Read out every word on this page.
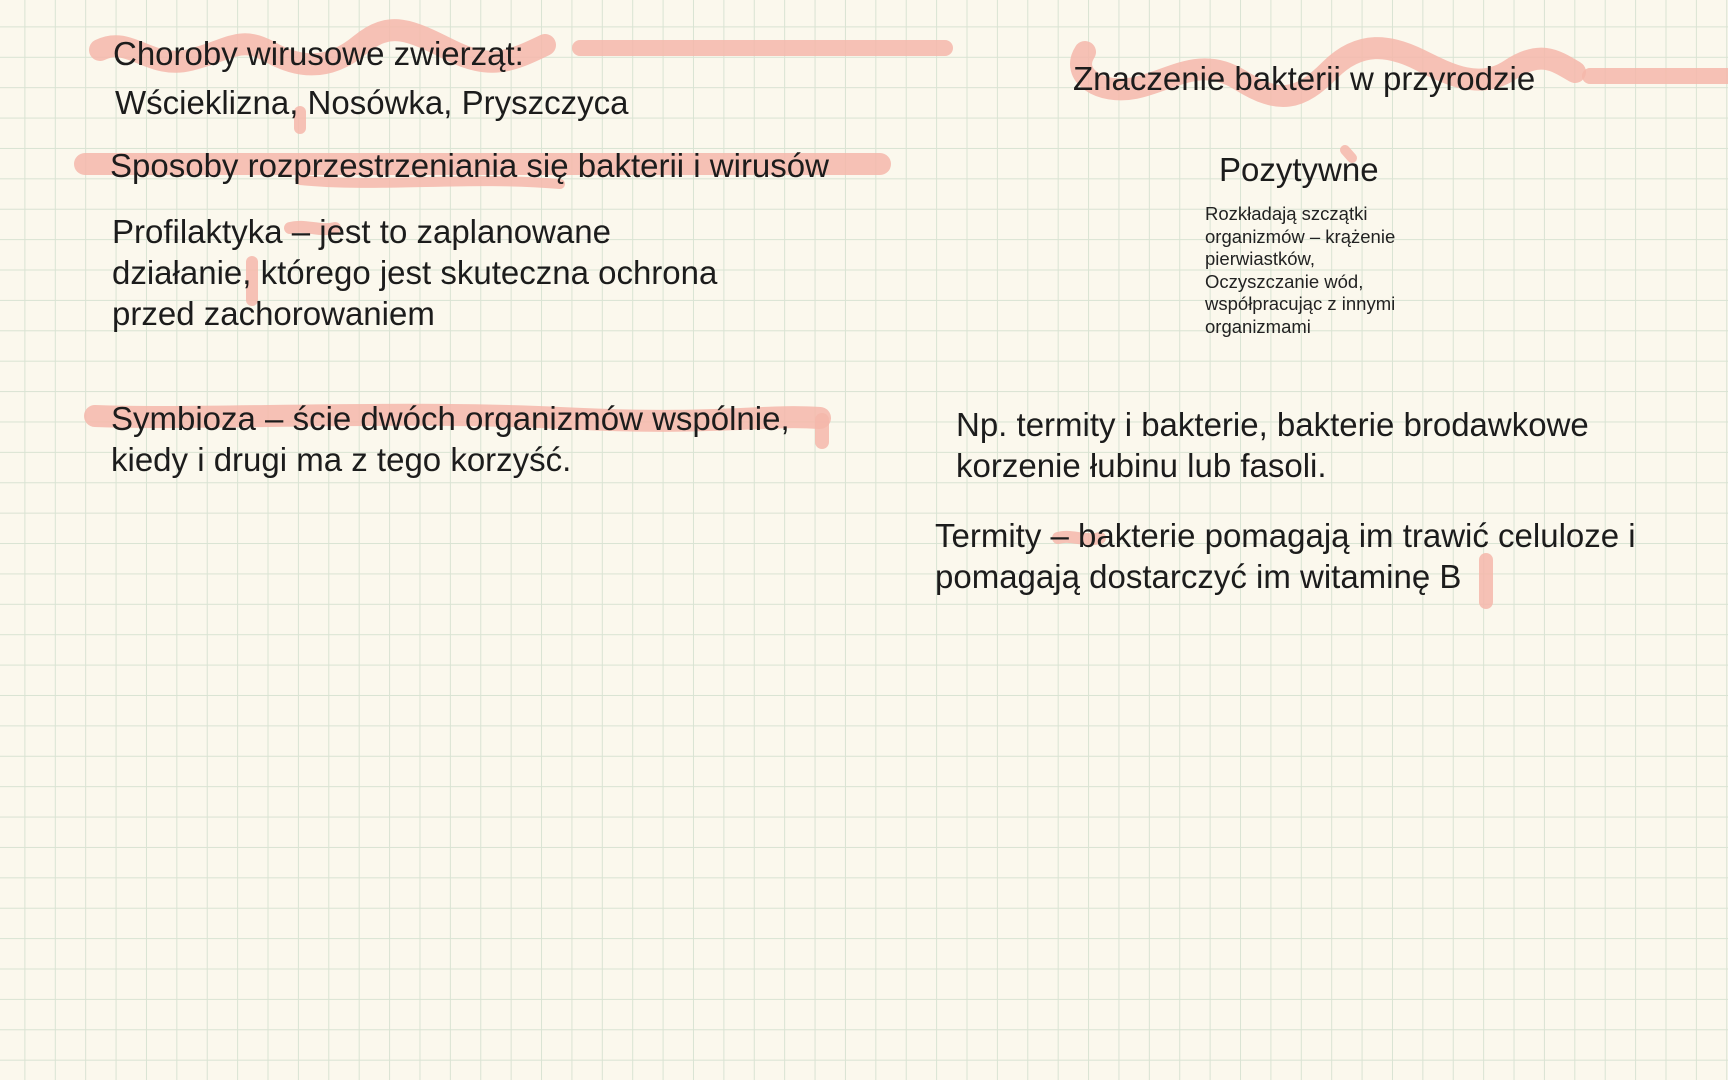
Choroby wirusowe zwierząt:
Wścieklizna, Nosówka, Pryszczyca
Sposoby rozprzestrzeniania się bakterii i wirusów
Profilaktyka – jest to zaplanowane
działanie, którego jest skuteczna ochrona
przed zachorowaniem
Symbioza – ście dwóch organizmów wspólnie,
kiedy i drugi ma z tego korzyść.
Znaczenie bakterii w przyrodzie
Pozytywne
Rozkładają szczątki
organizmów – krążenie
pierwiastków,
Oczyszczanie wód,
współpracując z innymi
organizmami
Np. termity i bakterie, bakterie brodawkowe
korzenie łubinu lub fasoli.
Termity – bakterie pomagają im trawić celuloze i
pomagają dostarczyć im witaminę B
